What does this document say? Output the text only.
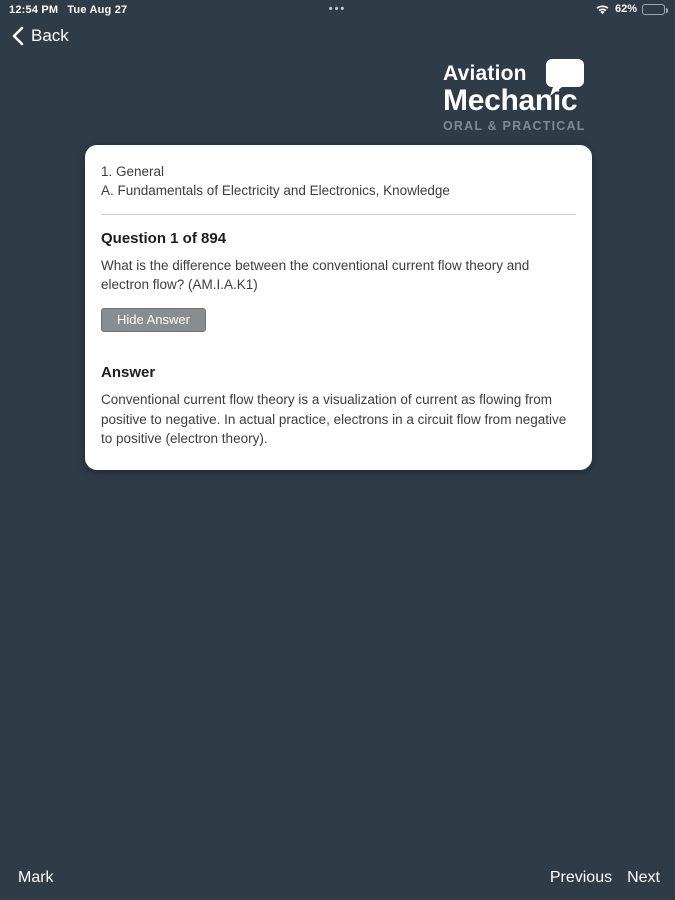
12:54 PM Tue Aug 27	•••	62%
Back
Aviation
Mechanic
ORAL & PRACTICAL
1. General
A. Fundamentals of Electricity and Electronics, Knowledge
Question 1 of 894
What is the difference between the conventional current flow theory and electron flow? (AM.I.A.K1)
Hide Answer
Answer
Conventional current flow theory is a visualization of current as flowing from positive to negative. In actual practice, electrons in a circuit flow from negative to positive (electron theory).
Mark	Previous Next
